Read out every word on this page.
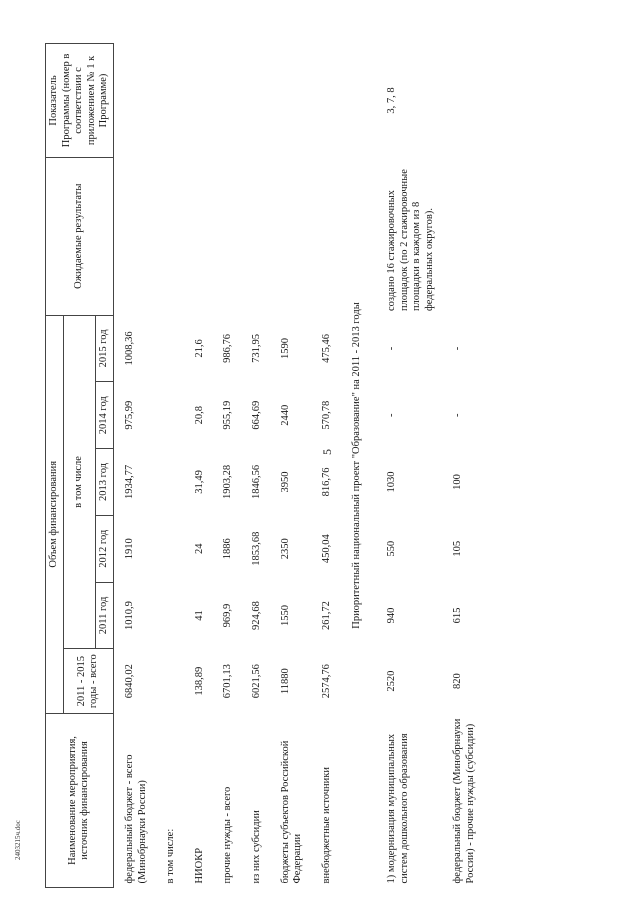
5
Наименование мероприятия, источник финансирования	Объем финансирования						Ожидаемые результаты	Показатель Программы (номер в соответствии с приложением № 1 к Программе)
	2011 - 2015 годы - всего	в том числе						
		2011 год	2012 год	2013 год	2014 год	2015 год		
федеральный бюджет - всего (Минобрнауки России)	6840,02	1010,9	1910	1934,77	975,99	1008,36		
в том числе:								
НИОКР	138,89	41	24	31,49	20,8	21,6		
прочие нужды - всего	6701,13	969,9	1886	1903,28	955,19	986,76		
из них субсидии	6021,56	924,68	1853,68	1846,56	664,69	731,95		
бюджеты субъектов Российской Федерации	11880	1550	2350	3950	2440	1590		
внебюджетные источники	2574,76	261,72	450,04	816,76	570,78	475,46		
Приоритетный национальный проект "Образование" на 2011 - 2013 годы								
1) модернизация муниципальных систем дошкольного образования	2520	940	550	1030	-	-	создано 16 стажировочных площадок (по 2 стажировочные площадки в каждом из 8 федеральных округов).	3, 7, 8
федеральный бюджет (Минобрнауки России) - прочие нужды (субсидии)	820	615	105	100	-	-		
2403215ч.doc
